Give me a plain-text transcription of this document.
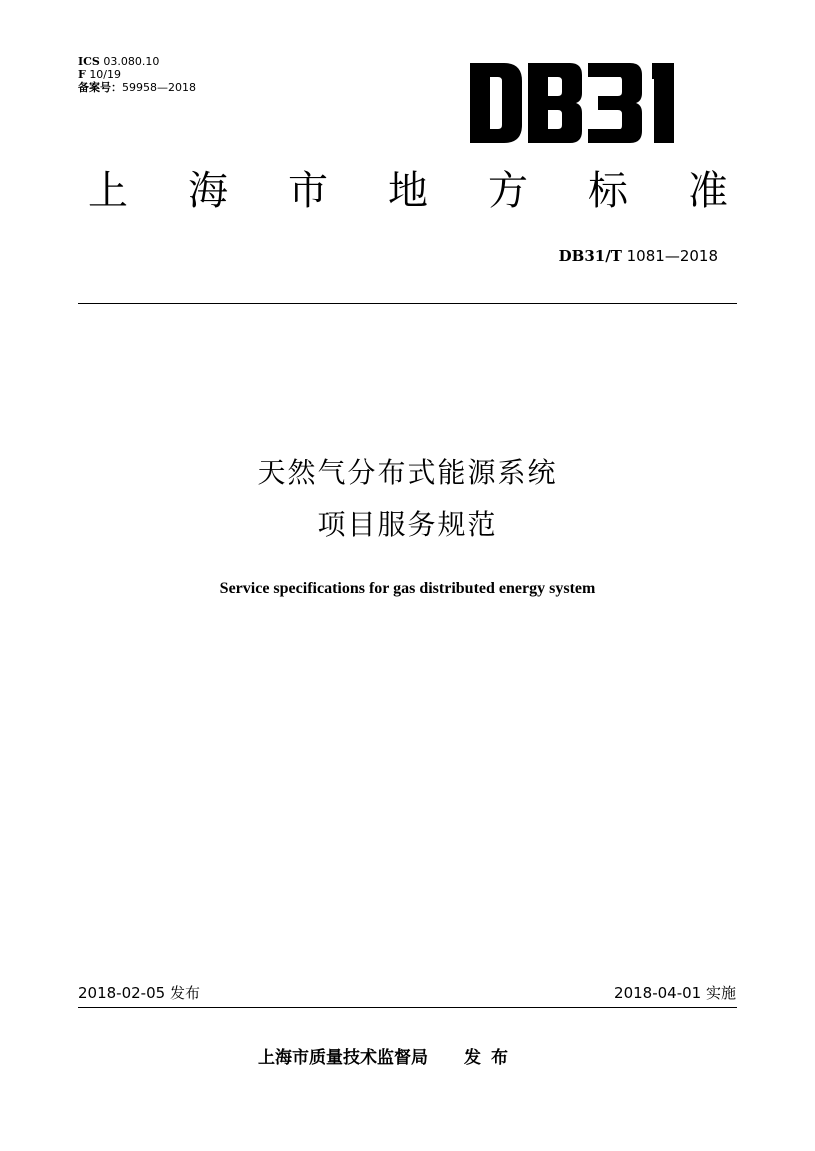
ICS 03.080.10
F 10/19
备案号：59958—2018
上 海 市 地 方 标 准
DB31/T 1081—2018
天然气分布式能源系统
项目服务规范
Service specifications for gas distributed energy system
2018-02-05 发布	2018-04-01 实施
上海市质量技术监督局 发布
